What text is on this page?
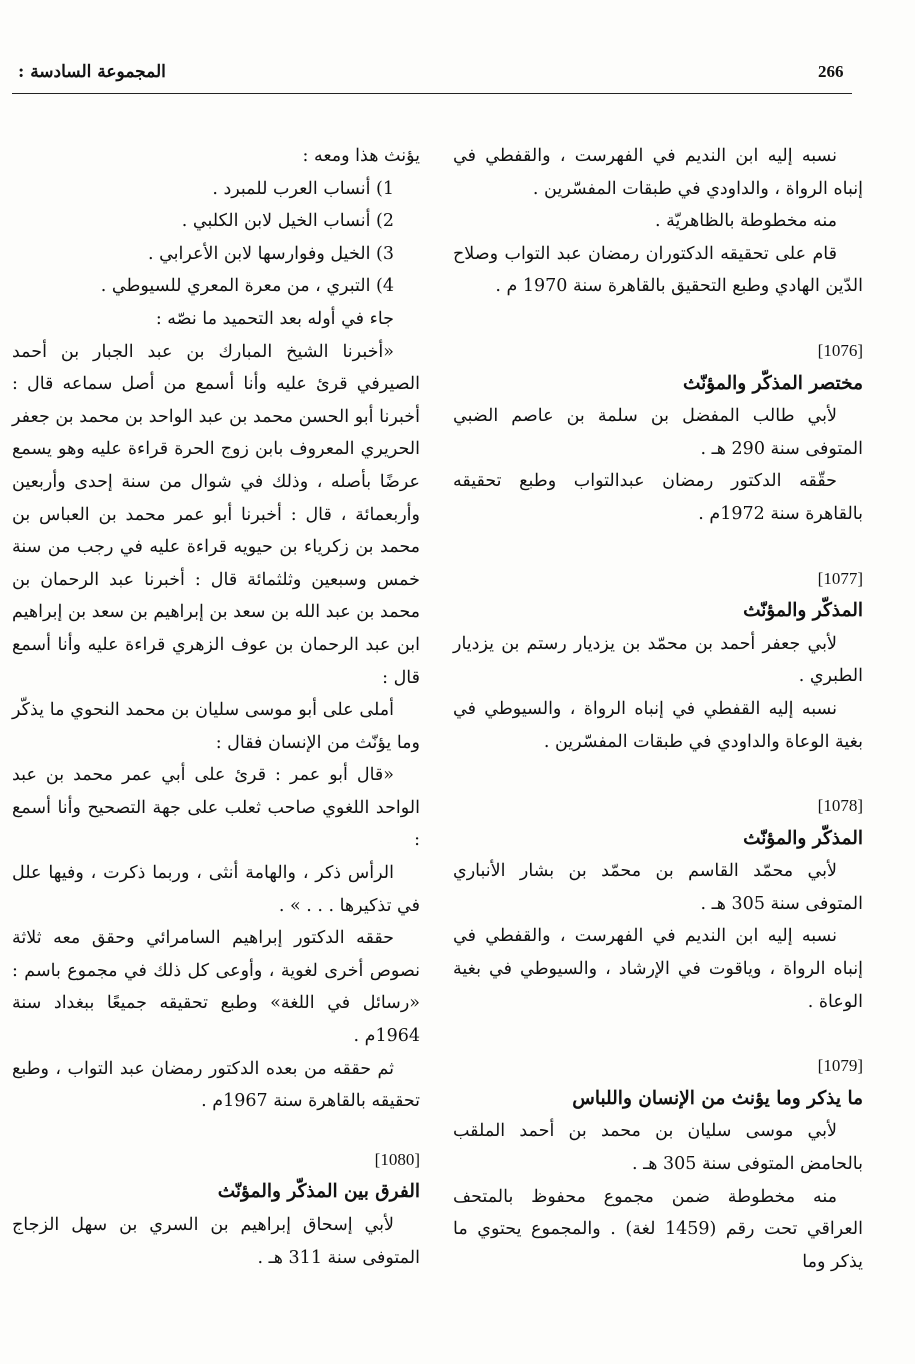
266
المجموعة السادسة :

نسبه إليه ابن النديم في الفهرست ، والقفطي في إنباه الرواة ، والداودي في طبقات المفسّرين .

منه مخطوطة بالظاهريّة .

قام على تحقيقه الدكتوران رمضان عبد التواب وصلاح الدّين الهادي وطبع التحقيق بالقاهرة سنة 1970 م .

[1076]

مختصر المذكّر والمؤنّث

لأبي طالب المفضل بن سلمة بن عاصم الضبي المتوفى سنة 290 هـ .

حقّقه الدكتور رمضان عبدالتواب وطبع تحقيقه بالقاهرة سنة 1972م .

[1077]

المذكّر والمؤنّث

لأبي جعفر أحمد بن محمّد بن يزديار رستم بن يزديار الطبري .

نسبه إليه القفطي في إنباه الرواة ، والسيوطي في بغية الوعاة والداودي في طبقات المفسّرين .

[1078]

المذكّر والمؤنّث

لأبي محمّد القاسم بن محمّد بن بشار الأنباري المتوفى سنة 305 هـ .

نسبه إليه ابن النديم في الفهرست ، والقفطي في إنباه الرواة ، وياقوت في الإرشاد ، والسيوطي في بغية الوعاة .

[1079]

ما يذكر وما يؤنث من الإنسان واللباس

لأبي موسى سليان بن محمد بن أحمد الملقب بالحامض المتوفى سنة 305 هـ .

منه مخطوطة ضمن مجموع محفوظ بالمتحف العراقي تحت رقم (1459 لغة) . والمجموع يحتوي ما يذكر وما

يؤنث هذا ومعه :

1) أنساب العرب للمبرد .

2) أنساب الخيل لابن الكلبي .

3) الخيل وفوارسها لابن الأعرابي .

4) التبري ، من معرة المعري للسيوطي .

جاء في أوله بعد التحميد ما نصّه :

«أخبرنا الشيخ المبارك بن عبد الجبار بن أحمد الصيرفي قرئ عليه وأنا أسمع من أصل سماعه قال : أخبرنا أبو الحسن محمد بن عبد الواحد بن محمد بن جعفر الحريري المعروف بابن زوج الحرة قراءة عليه وهو يسمع عرضًا بأصله ، وذلك في شوال من سنة إحدى وأربعين وأربعمائة ، قال : أخبرنا أبو عمر محمد بن العباس بن محمد بن زكرياء بن حيويه قراءة عليه في رجب من سنة خمس وسبعين وثلثمائة قال : أخبرنا عبد الرحمان بن محمد بن عبد الله بن سعد بن إبراهيم بن سعد بن إبراهيم ابن عبد الرحمان بن عوف الزهري قراءة عليه وأنا أسمع قال :

أملى على أبو موسى سليان بن محمد النحوي ما يذكّر وما يؤنّث من الإنسان فقال :

«قال أبو عمر : قرئ على أبي عمر محمد بن عبد الواحد اللغوي صاحب ثعلب على جهة التصحيح وأنا أسمع :

الرأس ذكر ، والهامة أنثى ، وربما ذكرت ، وفيها علل في تذكيرها . . . » .

حققه الدكتور إبراهيم السامرائي وحقق معه ثلاثة نصوص أخرى لغوية ، وأوعى كل ذلك في مجموع باسم : «رسائل في اللغة» وطبع تحقيقه جميعًا ببغداد سنة 1964م .

ثم حققه من بعده الدكتور رمضان عبد التواب ، وطبع تحقيقه بالقاهرة سنة 1967م .

[1080]

الفرق بين المذكّر والمؤنّث

لأبي إسحاق إبراهيم بن السري بن سهل الزجاج المتوفى سنة 311 هـ .
